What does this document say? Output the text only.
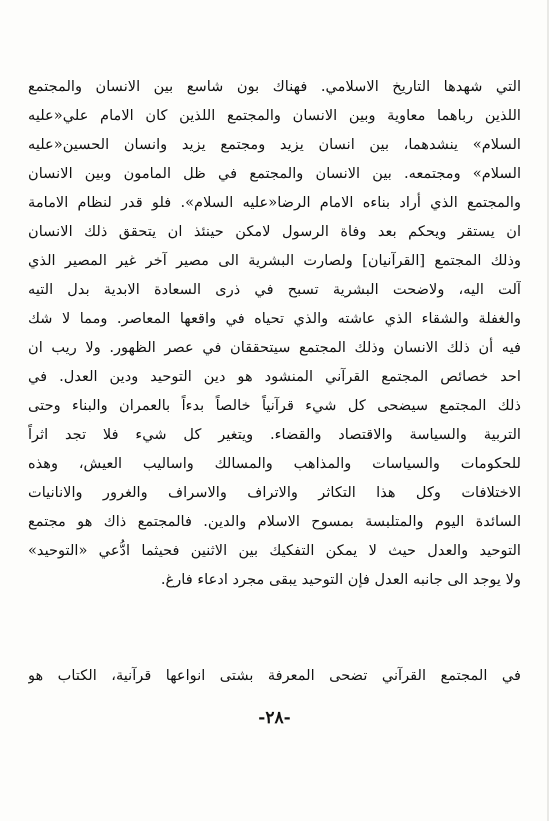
التي شهدها التاريخ الاسلامي. فهناك بون شاسع بين الانسان والمجتمع
اللذين رباهما معاوية وبين الانسان والمجتمع اللذين كان الامام علي«عليه
السلام» ينشدهما، بين انسان يزيد ومجتمع يزيد وانسان الحسين«عليه
السلام» ومجتمعه. بين الانسان والمجتمع في ظل المامون وبين الانسان
والمجتمع الذي أراد بناءه الامام الرضا«عليه السلام». فلو قدر لنظام الامامة
ان يستقر ويحكم بعد وفاة الرسول لامكن حينئذ ان يتحقق ذلك الانسان
وذلك المجتمع [القرآنيان] ولصارت البشرية الى مصير آخر غير المصير الذي
آلت اليه، ولاضحت البشرية تسبح في ذرى السعادة الابدية بدل التيه
والغفلة والشقاء الذي عاشته والذي تحياه في واقعها المعاصر. ومما لا شك
فيه أن ذلك الانسان وذلك المجتمع سيتحققان في عصر الظهور. ولا ريب ان
احد خصائص المجتمع القرآني المنشود هو دين التوحيد ودين العدل. في
ذلك المجتمع سيضحى كل شيء قرآنياً خالصاً بدءاً بالعمران والبناء وحتى
التربية والسياسة والاقتصاد والقضاء. ويتغير كل شيء فلا تجد اثراً
للحكومات والسياسات والمذاهب والمسالك واساليب العيش، وهذه
الاختلافات وكل هذا التكاثر والاتراف والاسراف والغرور والانانيات
السائدة اليوم والمتلبسة بمسوح الاسلام والدين. فالمجتمع ذاك هو مجتمع
التوحيد والعدل حيث لا يمكن التفكيك بين الاثنين فحيثما ادُّعي «التوحيد»
ولا يوجد الى جانبه العدل فإن التوحيد يبقى مجرد ادعاء فارغ.
في المجتمع القرآني تضحى المعرفة بشتى انواعها قرآنية، الكتاب هو
-٢٨-
